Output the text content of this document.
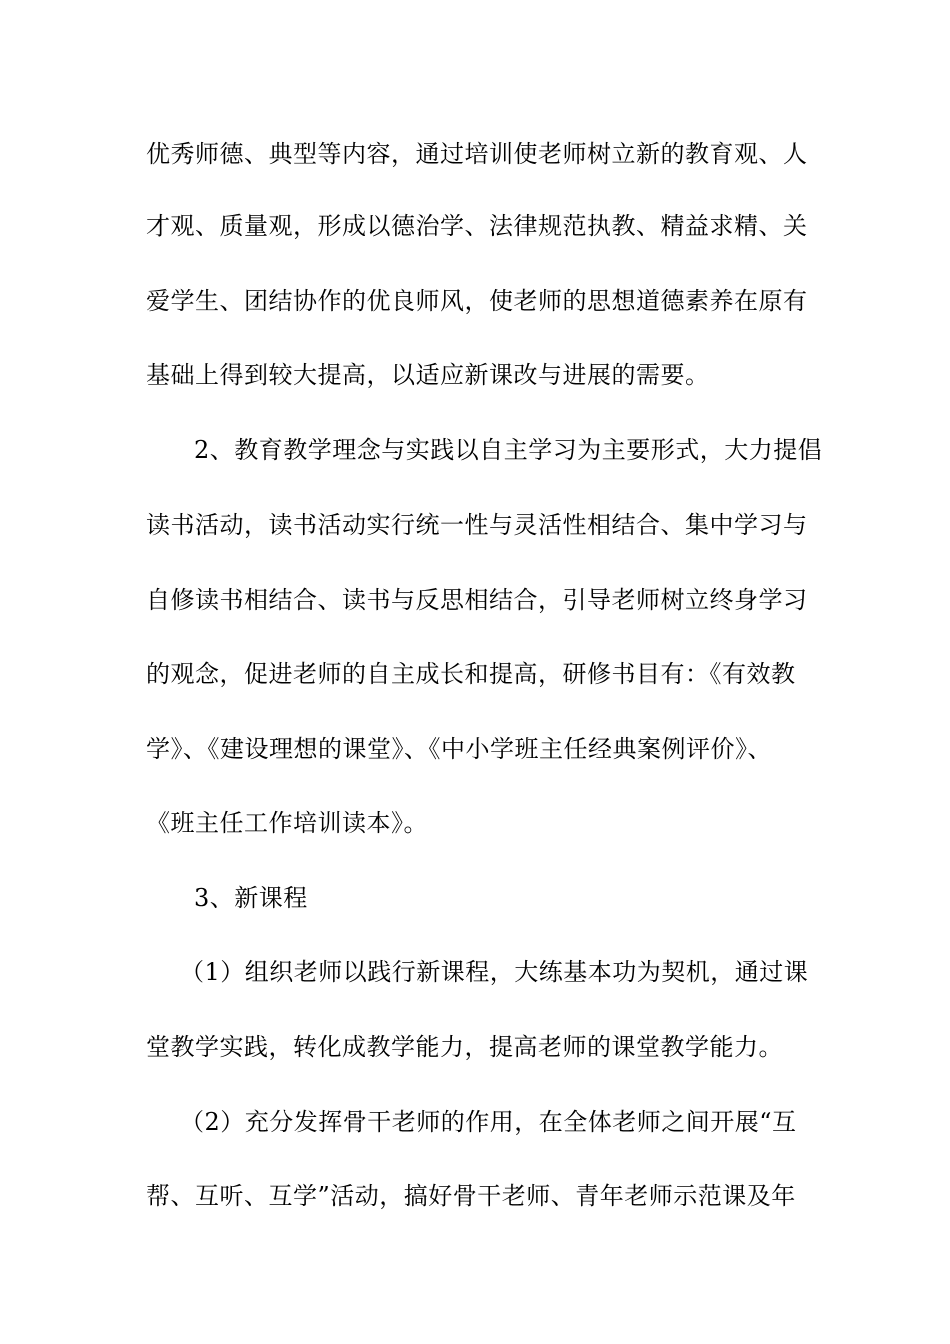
优秀师德、典型等内容，通过培训使老师树立新的教育观、人
才观、质量观，形成以德治学、法律规范执教、精益求精、关
爱学生、团结协作的优良师风，使老师的思想道德素养在原有
基础上得到较大提高，以适应新课改与进展的需要。
2、教育教学理念与实践以自主学习为主要形式，大力提倡
读书活动，读书活动实行统一性与灵活性相结合、集中学习与
自修读书相结合、读书与反思相结合，引导老师树立终身学习
的观念，促进老师的自主成长和提高，研修书目有：《有效教
学》、《建设理想的课堂》、《中小学班主任经典案例评价》、
《班主任工作培训读本》。
3、新课程
（1）组织老师以践行新课程，大练基本功为契机，通过课
堂教学实践，转化成教学能力，提高老师的课堂教学能力。
（2）充分发挥骨干老师的作用，在全体老师之间开展“互
帮、互听、互学”活动，搞好骨干老师、青年老师示范课及年
